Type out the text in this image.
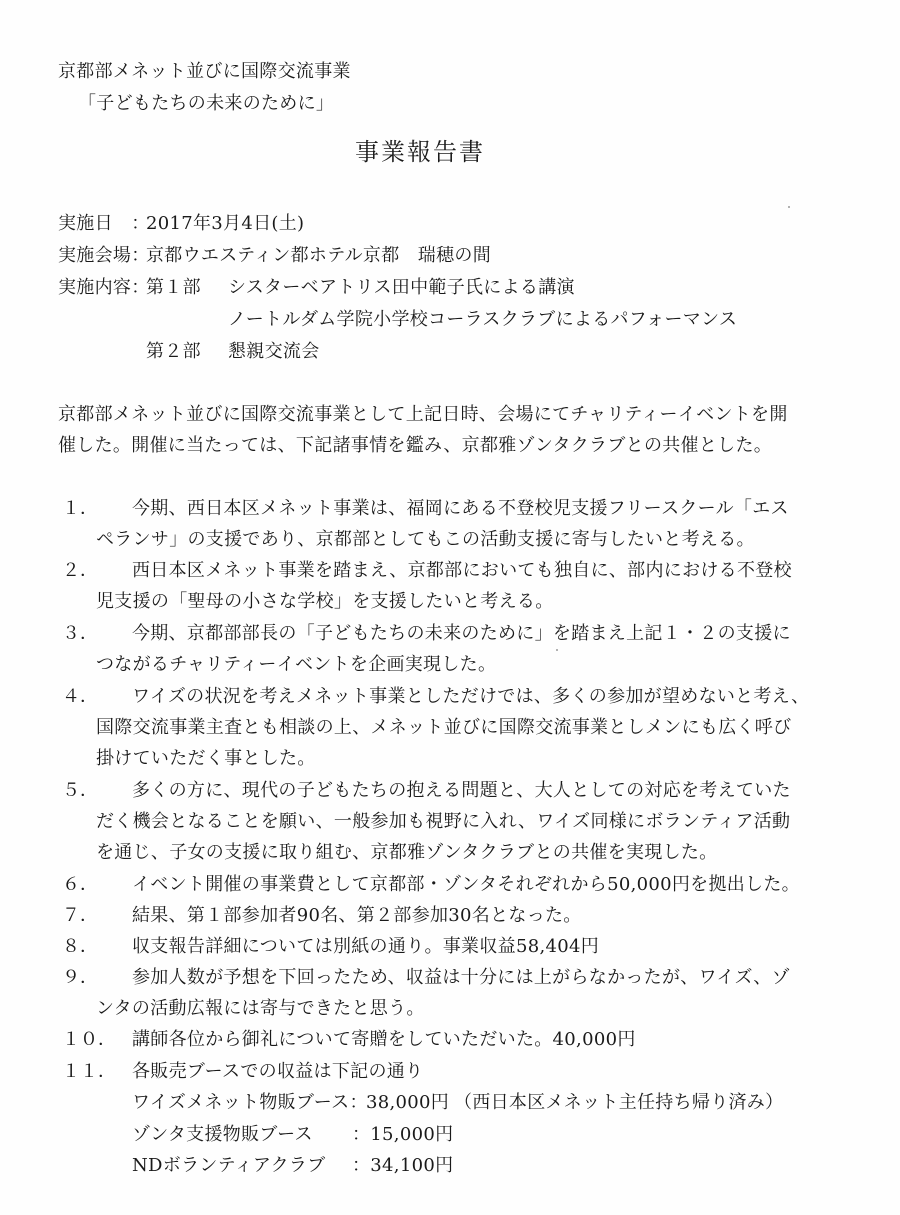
京都部メネット並びに国際交流事業
「子どもたちの未来のために」
事業報告書
実施日　：
2017年3月4日(土)
実施会場：
京都ウエスティン都ホテル京都　瑞穂の間
実施内容：
第１部 シスターベアトリス田中範子氏による講演
ノートルダム学院小学校コーラスクラブによるパフォーマンス
第２部 懇親交流会
京都部メネット並びに国際交流事業として上記日時、会場にてチャリティーイベントを開
催した。開催に当たっては、下記諸事情を鑑み、京都雅ゾンタクラブとの共催とした。
１． 今期、西日本区メネット事業は、福岡にある不登校児支援フリースクール「エス
ペランサ」の支援であり、京都部としてもこの活動支援に寄与したいと考える。
２． 西日本区メネット事業を踏まえ、京都部においても独自に、部内における不登校
児支援の「聖母の小さな学校」を支援したいと考える。
３． 今期、京都部部長の「子どもたちの未来のために」を踏まえ上記１・２の支援に
つながるチャリティーイベントを企画実現した。
４． ワイズの状況を考えメネット事業としただけでは、多くの参加が望めないと考え、
国際交流事業主査とも相談の上、メネット並びに国際交流事業としメンにも広く呼び
掛けていただく事とした。
５． 多くの方に、現代の子どもたちの抱える問題と、大人としての対応を考えていた
だく機会となることを願い、一般参加も視野に入れ、ワイズ同様にボランティア活動
を通じ、子女の支援に取り組む、京都雅ゾンタクラブとの共催を実現した。
６． イベント開催の事業費として京都部・ゾンタそれぞれから50,000円を拠出した。
７． 結果、第１部参加者90名、第２部参加30名となった。
８． 収支報告詳細については別紙の通り。事業収益58,404円
９． 参加人数が予想を下回ったため、収益は十分には上がらなかったが、ワイズ、ゾ
ンタの活動広報には寄与できたと思う。
１０． 講師各位から御礼について寄贈をしていただいた。40,000円
１１． 各販売ブースでの収益は下記の通り
ワイズメネット物販ブース：
38,000円 （西日本区メネット主任持ち帰り済み）
ゾンタ支援物販ブース ：15,000円
NDボランティアクラブ ：34,100円
